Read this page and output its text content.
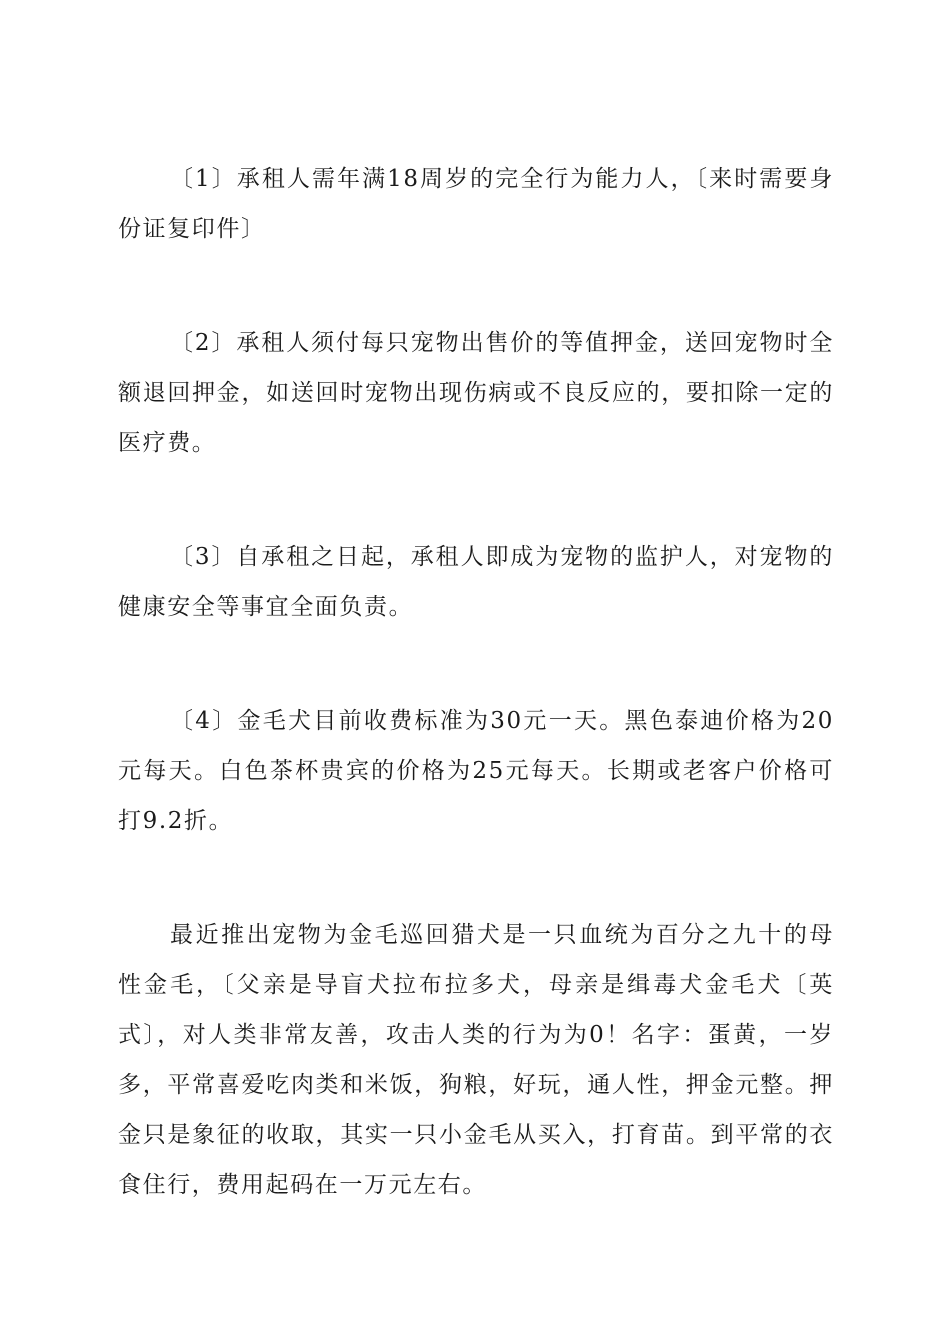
〔1〕承租人需年满18周岁的完全行为能力人，〔来时需要身份证复印件〕

〔2〕承租人须付每只宠物出售价的等值押金，送回宠物时全额退回押金，如送回时宠物出现伤病或不良反应的，要扣除一定的医疗费。

〔3〕自承租之日起，承租人即成为宠物的监护人，对宠物的健康安全等事宜全面负责。

〔4〕金毛犬目前收费标准为30元一天。黑色泰迪价格为20元每天。白色茶杯贵宾的价格为25元每天。长期或老客户价格可打9.2折。

最近推出宠物为金毛巡回猎犬是一只血统为百分之九十的母性金毛，〔父亲是导盲犬拉布拉多犬，母亲是缉毒犬金毛犬〔英式〕，对人类非常友善，攻击人类的行为为0！名字：蛋黄，一岁多，平常喜爱吃肉类和米饭，狗粮，好玩，通人性，押金元整。押金只是象征的收取，其实一只小金毛从买入，打育苗。到平常的衣食住行，费用起码在一万元左右。
